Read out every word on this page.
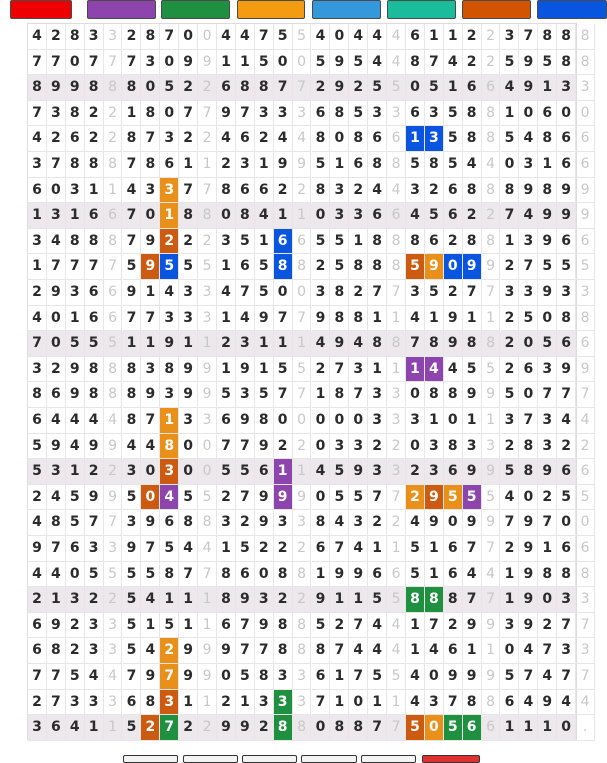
4 2 8 3 3 2 8 7 0 0 4 4 7 5 5 4 0 4 4 4 6 1 1 2 2 3 7 8 8 8
7 7 0 7 7 7 3 0 9 9 1 1 5 0 0 5 9 5 4 4 8 7 4 2 2 5 9 5 8 8
8 9 9 8 8 8 0 5 2 2 6 8 8 7 7 2 9 2 5 5 0 5 1 6 6 4 9 1 3 3
7 3 8 2 2 1 8 0 7 7 9 7 3 3 3 6 8 5 3 3 6 3 5 8 8 1 0 6 0 0
4 2 6 2 2 8 7 3 2 2 4 6 2 4 4 8 0 8 6 6 1 3 5 8 8 5 4 8 6 6
3 7 8 8 8 7 8 6 1 1 2 3 1 9 9 5 1 6 8 8 5 8 5 4 4 0 3 1 6 6
6 0 3 1 1 4 3 3 7 7 8 6 6 2 2 8 3 2 4 4 3 2 6 8 8 8 9 8 9 9
1 3 1 6 6 7 0 1 8 8 0 8 4 1 1 0 3 3 6 6 4 5 6 2 2 7 4 9 9 9
3 4 8 8 8 7 9 2 2 2 3 5 1 6 6 5 5 1 8 8 8 6 2 8 8 1 3 9 6 6
1 7 7 7 7 5 9 5 5 5 1 6 5 8 8 2 5 8 8 8 5 9 0 9 9 2 7 5 5 5
2 9 3 6 6 9 1 4 3 3 4 7 5 0 0 3 8 2 7 7 3 5 2 7 7 3 3 9 3 3
4 0 1 6 6 7 7 3 3 3 1 4 9 7 7 9 8 8 1 1 4 1 9 1 1 2 5 0 8 8
7 0 5 5 5 1 1 9 1 1 2 3 1 1 1 4 9 4 8 8 7 8 9 8 8 2 0 5 6 6
3 2 9 8 8 8 3 8 9 9 1 9 1 5 5 2 7 3 1 1 1 4 4 5 5 2 6 3 9 9
8 6 9 8 8 8 9 3 9 9 5 3 5 7 7 1 8 7 3 3 0 8 8 9 9 5 0 7 7 7
6 4 4 4 4 8 7 1 3 3 6 9 8 0 0 0 0 0 3 3 3 1 0 1 1 3 7 3 4 4
5 9 4 9 9 4 4 8 0 0 7 7 9 2 2 0 3 3 2 2 0 3 8 3 3 2 8 3 2 2
5 3 1 2 2 3 0 3 0 0 5 5 6 1 1 4 5 9 3 3 2 3 6 9 9 5 8 9 6 6
2 4 5 9 9 5 0 4 5 5 2 7 9 9 9 0 5 5 7 7 2 9 5 5 5 4 0 2 5 5
4 8 5 7 7 3 9 6 8 8 3 2 9 3 3 8 4 3 2 2 4 9 0 9 9 7 9 7 0 0
9 7 6 3 3 9 7 5 4 4 1 5 2 2 2 6 7 4 1 1 5 1 6 7 7 2 9 1 6 6
4 4 0 5 5 5 5 8 7 7 8 6 0 8 8 1 9 9 6 6 5 1 6 4 4 1 9 8 8 8
2 1 3 2 2 5 4 1 1 1 8 9 3 2 2 9 1 1 5 5 8 8 8 7 7 1 9 0 3 3
6 9 2 3 3 5 1 5 1 1 6 7 9 8 8 5 2 7 4 4 1 7 2 9 9 3 9 2 7 7
6 8 2 3 3 5 4 2 9 9 9 7 7 8 8 8 7 4 4 4 1 4 6 1 1 0 4 7 3 3
7 7 5 4 4 7 9 7 9 9 0 5 8 3 3 6 1 7 5 5 4 0 9 9 9 5 7 4 7 7
2 7 3 3 3 6 8 3 1 1 2 1 3 3 3 7 1 0 1 1 4 3 7 8 8 6 4 9 4 4
3 6 4 1 1 5 2 7 2 2 9 9 2 8 8 0 8 8 7 7 5 0 5 6 6 1 1 1 0 .
